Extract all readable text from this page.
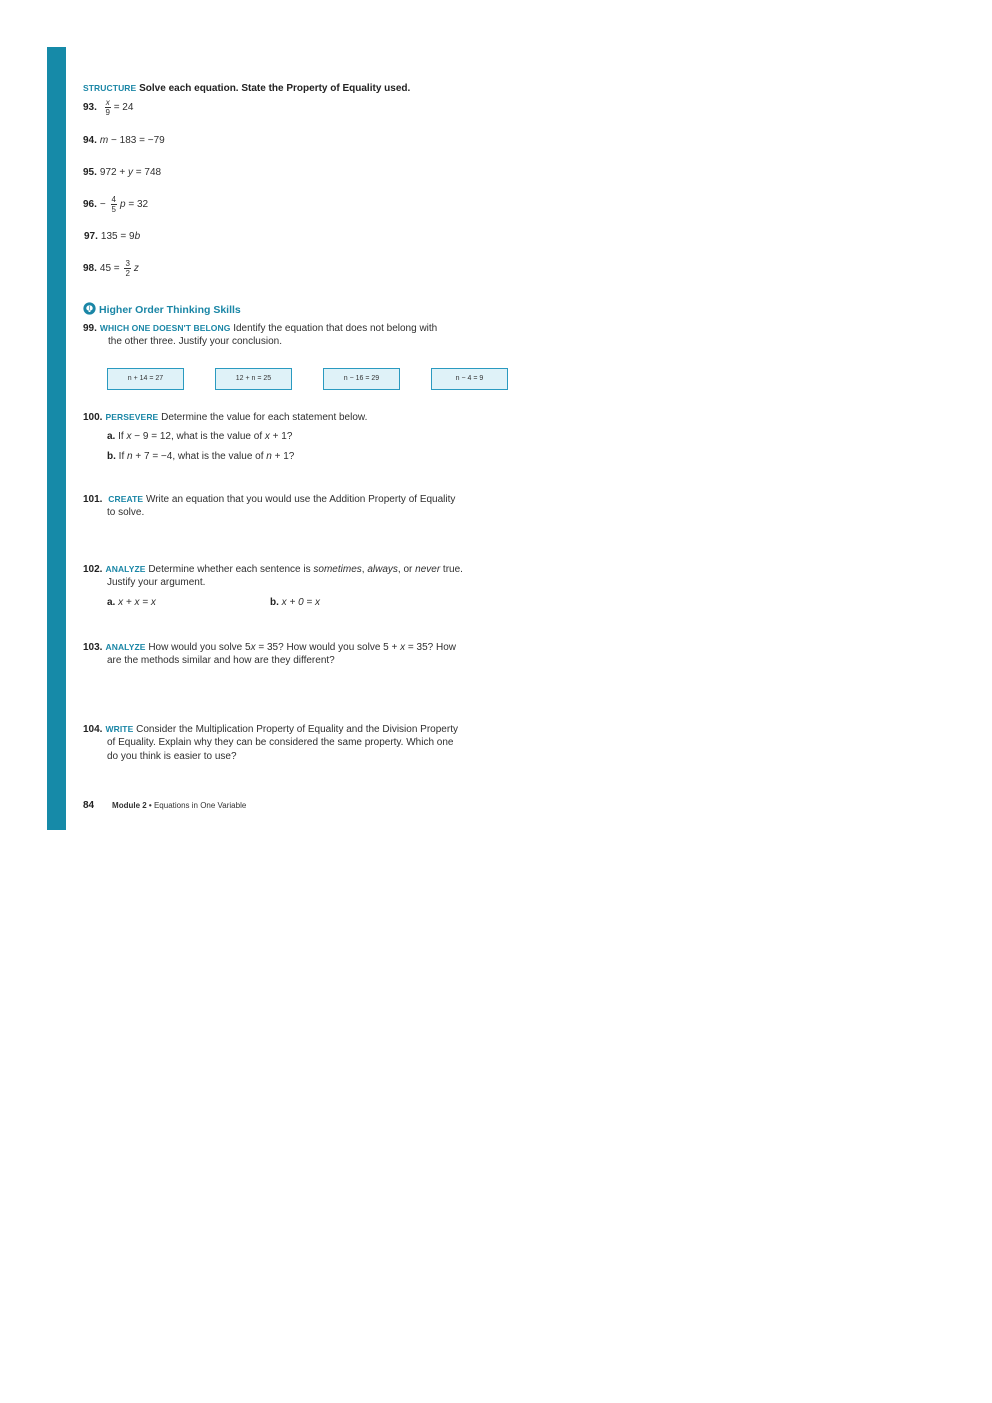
STRUCTURE Solve each equation. State the Property of Equality used.
93. $\frac{x}{9} = 24$
94. m − 183 = −79
95. 972 + y = 748
96. − $\frac{4}{5}$ p = 32
97. 135 = 9b
98. $45 = \frac{3}{2}$ z
Higher Order Thinking Skills
99. WHICH ONE DOESN'T BELONG Identify the equation that does not belong with
the other three. Justify your conclusion.
n + 14 = 27	12 + n = 25	n − 16 = 29	n − 4 = 9
100. PERSEVERE Determine the value for each statement below.
a. If x − 9 = 12, what is the value of x + 1?
b. If n + 7 = −4, what is the value of n + 1?
101. CREATE Write an equation that you would use the Addition Property of Equality
to solve.
102. ANALYZE Determine whether each sentence is sometimes, always, or never true.
Justify your argument.
a. x + x = x	b. x + 0 = x
103. ANALYZE How would you solve 5x = 35? How would you solve 5 + x = 35? How
are the methods similar and how are they different?
104. WRITE Consider the Multiplication Property of Equality and the Division Property
of Equality. Explain why they can be considered the same property. Which one
do you think is easier to use?
84 Module 2 • Equations in One Variable
